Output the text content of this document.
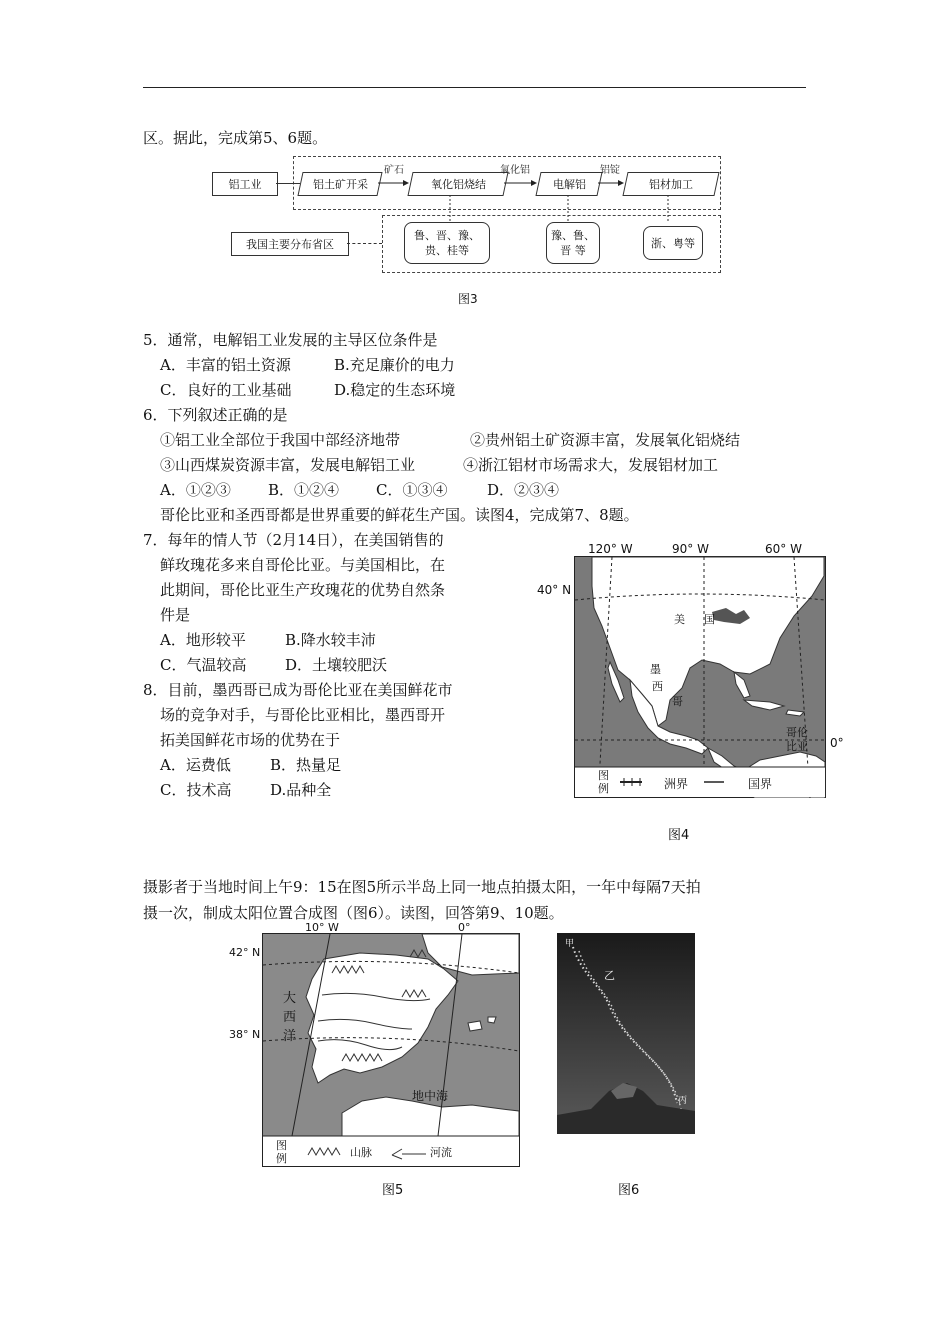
区。据此，完成第5、6题。
铝工业	铝土矿开采	氧化铝烧结	电解铝	铝材加工
矿石	氧化铝	铝锭
我国主要分布省区
鲁、晋、豫、
贵、桂等
豫、鲁、
晋 等
浙、粤等
图3
5．通常，电解铝工业发展的主导区位条件是
A．丰富的铝土资源	B.充足廉价的电力
C．良好的工业基础	D.稳定的生态环境
6．下列叙述正确的是
①铝工业全部位于我国中部经济地带	②贵州铝土矿资源丰富，发展氧化铝烧结
③山西煤炭资源丰富，发展电解铝工业	④浙江铝材市场需求大，发展铝材加工
A．①②③ B．①②④ C．①③④	D．②③④
哥伦比亚和圣西哥都是世界重要的鲜花生产国。读图4，完成第7、8题。
7．每年的情人节（2月14日），在美国销售的
鲜玫瑰花多来自哥伦比亚。与美国相比，在
此期间，哥伦比亚生产玫瑰花的优势自然条
件是
A．地形较平	B.降水较丰沛
C．气温较高	D．土壤较肥沃
8．目前，墨西哥已成为哥伦比亚在美国鲜花市
场的竞争对手，与哥伦比亚相比，墨西哥开
拓美国鲜花市场的优势在于
A．运费低	B．热量足
C．技术高	D.品种全
120° W	90° W	60° W
40° N
0°
美 国
墨
西
哥
哥伦
比亚
图
例	洲界	国界
图4
摄影者于当地时间上午9：15在图5所示半岛上同一地点拍摄太阳，一年中每隔7天拍
摄一次，制成太阳位置合成图（图6）。读图，回答第9、10题。
10° W	0°
42° N
38° N
大
西
洋
地中海
图
例	山脉	河流
图5
甲
乙
丙
图6
